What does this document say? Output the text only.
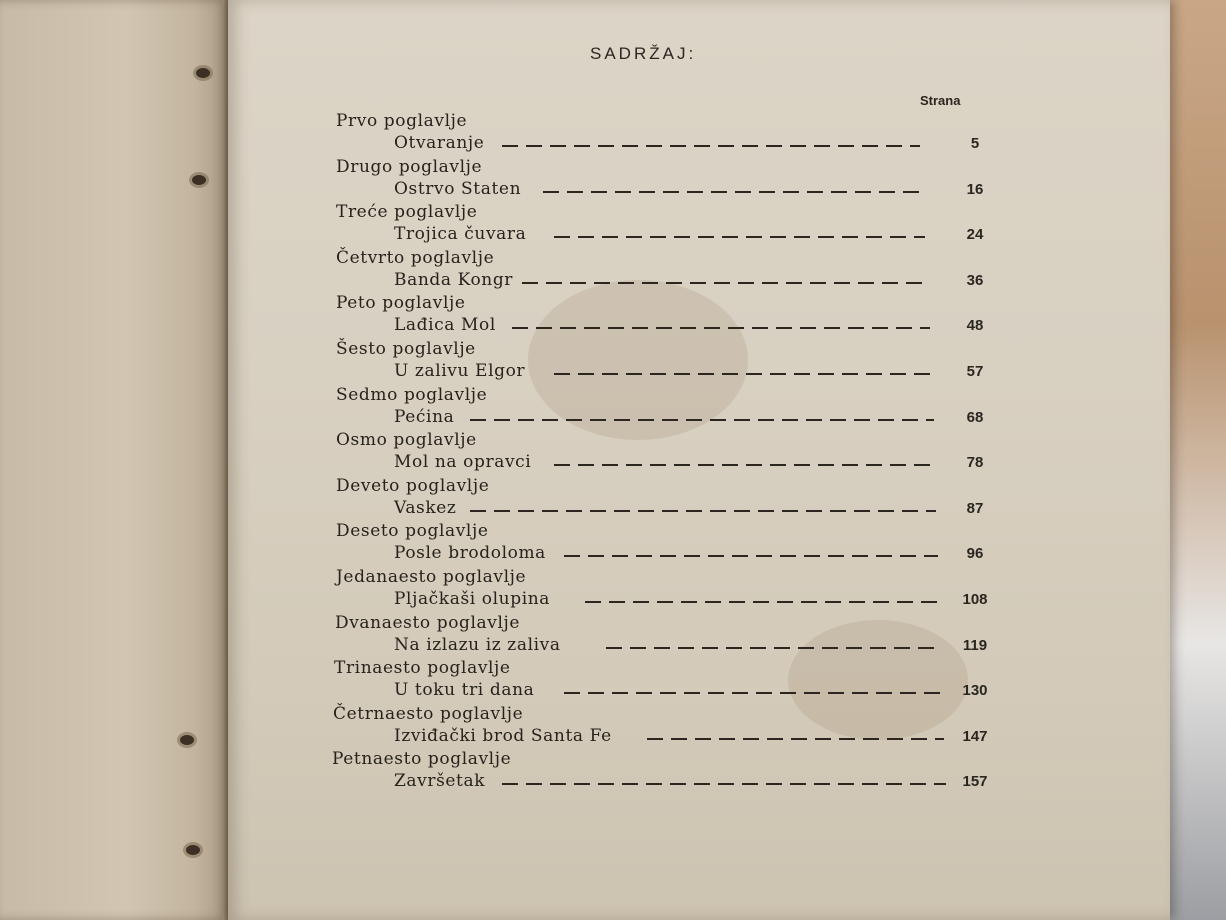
SADRŽAJ:
Strana
Prvo poglavlje
Otvaranje	5
Drugo poglavlje
Ostrvo Staten	16
Treće poglavlje
Trojica čuvara	24
Četvrto poglavlje
Banda Kongr	36
Peto poglavlje
Lađica Mol	48
Šesto poglavlje
U zalivu Elgor	57
Sedmo poglavlje
Pećina	68
Osmo poglavlje
Mol na opravci	78
Deveto poglavlje
Vaskez	87
Deseto poglavlje
Posle brodoloma	96
Jedanaesto poglavlje
Pljačkaši olupina	108
Dvanaesto poglavlje
Na izlazu iz zaliva	119
Trinaesto poglavlje
U toku tri dana	130
Četrnaesto poglavlje
Izviđački brod Santa Fe	147
Petnaesto poglavlje
Završetak	157
